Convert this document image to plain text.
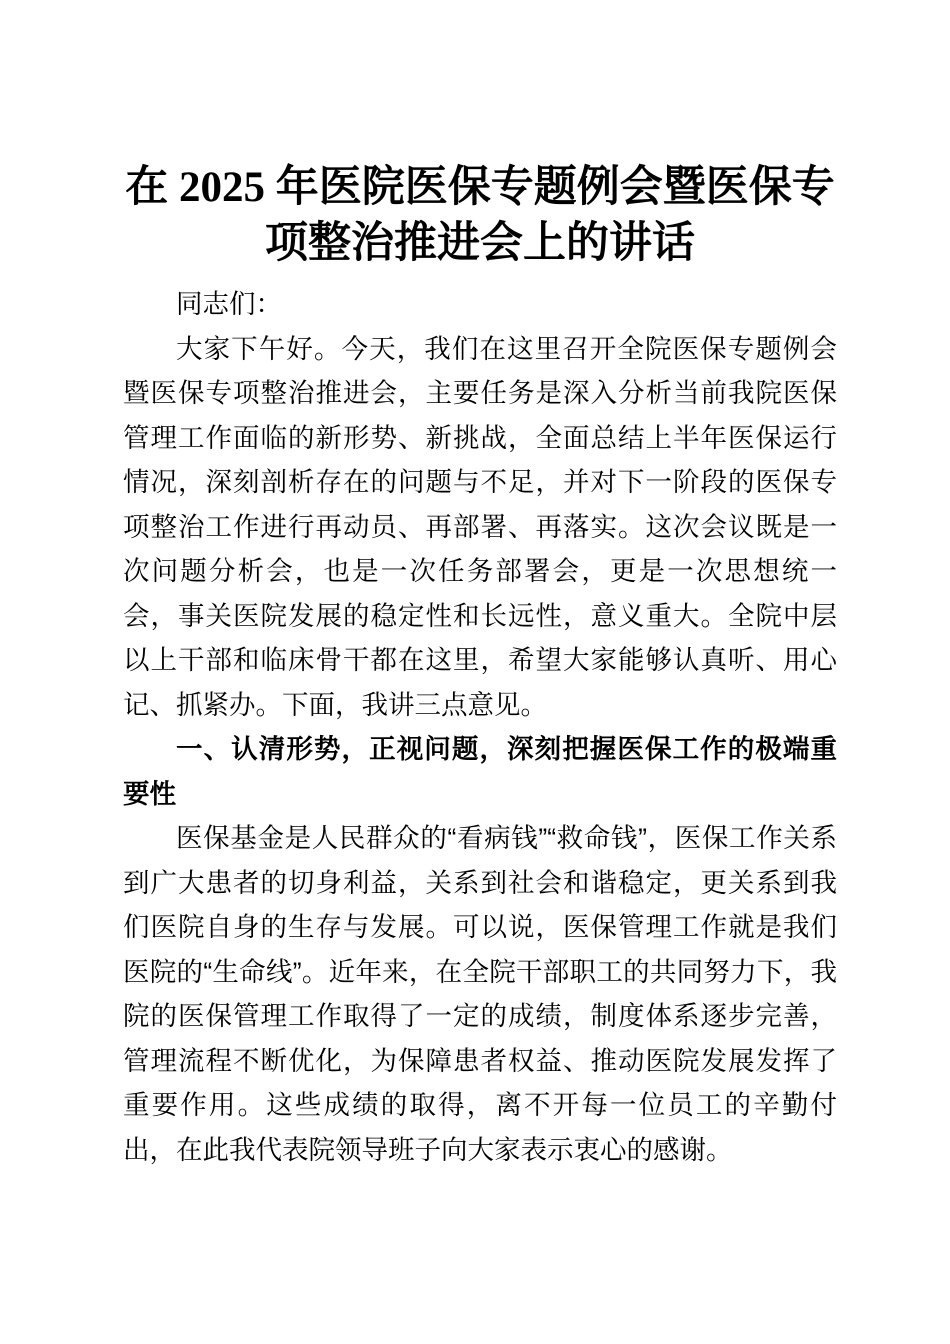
在 2025 年医院医保专题例会暨医保专
项整治推进会上的讲话

同志们：

大家下午好。今天，我们在这里召开全院医保专题例会暨医保专项整治推进会，主要任务是深入分析当前我院医保管理工作面临的新形势、新挑战，全面总结上半年医保运行情况，深刻剖析存在的问题与不足，并对下一阶段的医保专项整治工作进行再动员、再部署、再落实。这次会议既是一次问题分析会，也是一次任务部署会，更是一次思想统一会，事关医院发展的稳定性和长远性，意义重大。全院中层以上干部和临床骨干都在这里，希望大家能够认真听、用心记、抓紧办。下面，我讲三点意见。

一、认清形势，正视问题，深刻把握医保工作的极端重要性

医保基金是人民群众的“看病钱”“救命钱”，医保工作关系到广大患者的切身利益，关系到社会和谐稳定，更关系到我们医院自身的生存与发展。可以说，医保管理工作就是我们医院的“生命线”。近年来，在全院干部职工的共同努力下，我院的医保管理工作取得了一定的成绩，制度体系逐步完善，管理流程不断优化，为保障患者权益、推动医院发展发挥了重要作用。这些成绩的取得，离不开每一位员工的辛勤付出，在此我代表院领导班子向大家表示衷心的感谢。
